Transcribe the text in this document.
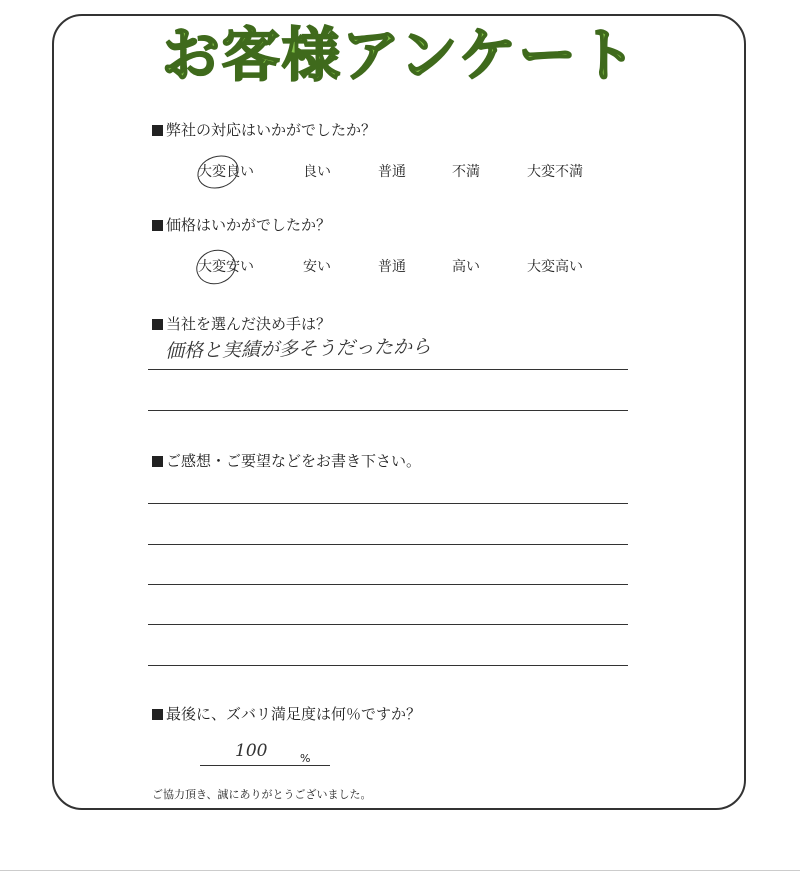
お客様アンケート
弊社の対応はいかがでしたか？
大変良い	良い	普通	不満	大変不満
価格はいかがでしたか？
大変安い	安い	普通	高い	大変高い
当社を選んだ決め手は？
価格と実績が多そうだったから
ご感想・ご要望などをお書き下さい。
最後に、ズバリ満足度は何％ですか？
100	%
ご協力頂き、誠にありがとうございました。
